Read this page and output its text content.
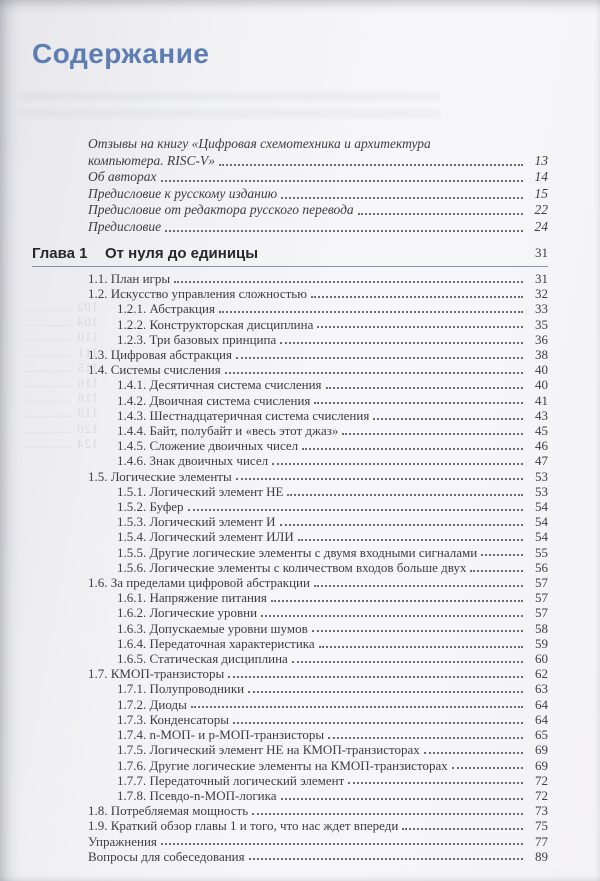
102 ............
104 ............
110 ............
111 ............
115 ............
116 ............
118 ............
119 ............
120 ............
124 ............
Содержание
Отзывы на книгу «Цифровая схемотехника и архитектура
компьютера. RISC-V»	13
Об авторах	14
Предисловие к русскому изданию	15
Предисловие от редактора русского перевода	22
Предисловие	24
Глава 1	От нуля до единицы	31
1.1. План игры	31
1.2. Искусство управления сложностью	32
1.2.1. Абстракция	33
1.2.2. Конструкторская дисциплина	35
1.2.3. Три базовых принципа	36
1.3. Цифровая абстракция	38
1.4. Системы счисления	40
1.4.1. Десятичная система счисления	40
1.4.2. Двоичная система счисления	41
1.4.3. Шестнадцатеричная система счисления	43
1.4.4. Байт, полубайт и «весь этот джаз»	45
1.4.5. Сложение двоичных чисел	46
1.4.6. Знак двоичных чисел	47
1.5. Логические элементы	53
1.5.1. Логический элемент НЕ	53
1.5.2. Буфер	54
1.5.3. Логический элемент И	54
1.5.4. Логический элемент ИЛИ	54
1.5.5. Другие логические элементы с двумя входными сигналами	55
1.5.6. Логические элементы с количеством входов больше двух	56
1.6. За пределами цифровой абстракции	57
1.6.1. Напряжение питания	57
1.6.2. Логические уровни	57
1.6.3. Допускаемые уровни шумов	58
1.6.4. Передаточная характеристика	59
1.6.5. Статическая дисциплина	60
1.7. КМОП-транзисторы	62
1.7.1. Полупроводники	63
1.7.2. Диоды	64
1.7.3. Конденсаторы	64
1.7.4. n-МОП- и p-МОП-транзисторы	65
1.7.5. Логический элемент НЕ на КМОП-транзисторах	69
1.7.6. Другие логические элементы на КМОП-транзисторах	69
1.7.7. Передаточный логический элемент	72
1.7.8. Псевдо-n-МОП-логика	72
1.8. Потребляемая мощность	73
1.9. Краткий обзор главы 1 и того, что нас ждет впереди	75
Упражнения	77
Вопросы для собеседования	89
